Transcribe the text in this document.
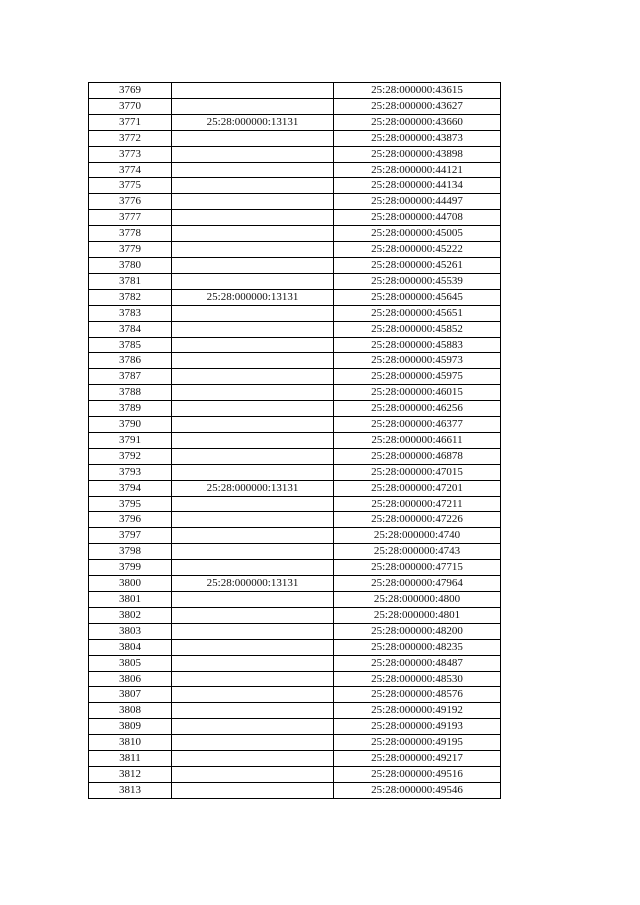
3769		25:28:000000:43615
3770		25:28:000000:43627
3771	25:28:000000:13131	25:28:000000:43660
3772		25:28:000000:43873
3773		25:28:000000:43898
3774		25:28:000000:44121
3775		25:28:000000:44134
3776		25:28:000000:44497
3777		25:28:000000:44708
3778		25:28:000000:45005
3779		25:28:000000:45222
3780		25:28:000000:45261
3781		25:28:000000:45539
3782	25:28:000000:13131	25:28:000000:45645
3783		25:28:000000:45651
3784		25:28:000000:45852
3785		25:28:000000:45883
3786		25:28:000000:45973
3787		25:28:000000:45975
3788		25:28:000000:46015
3789		25:28:000000:46256
3790		25:28:000000:46377
3791		25:28:000000:46611
3792		25:28:000000:46878
3793		25:28:000000:47015
3794	25:28:000000:13131	25:28:000000:47201
3795		25:28:000000:47211
3796		25:28:000000:47226
3797		25:28:000000:4740
3798		25:28:000000:4743
3799		25:28:000000:47715
3800	25:28:000000:13131	25:28:000000:47964
3801		25:28:000000:4800
3802		25:28:000000:4801
3803		25:28:000000:48200
3804		25:28:000000:48235
3805		25:28:000000:48487
3806		25:28:000000:48530
3807		25:28:000000:48576
3808		25:28:000000:49192
3809		25:28:000000:49193
3810		25:28:000000:49195
3811		25:28:000000:49217
3812		25:28:000000:49516
3813		25:28:000000:49546
